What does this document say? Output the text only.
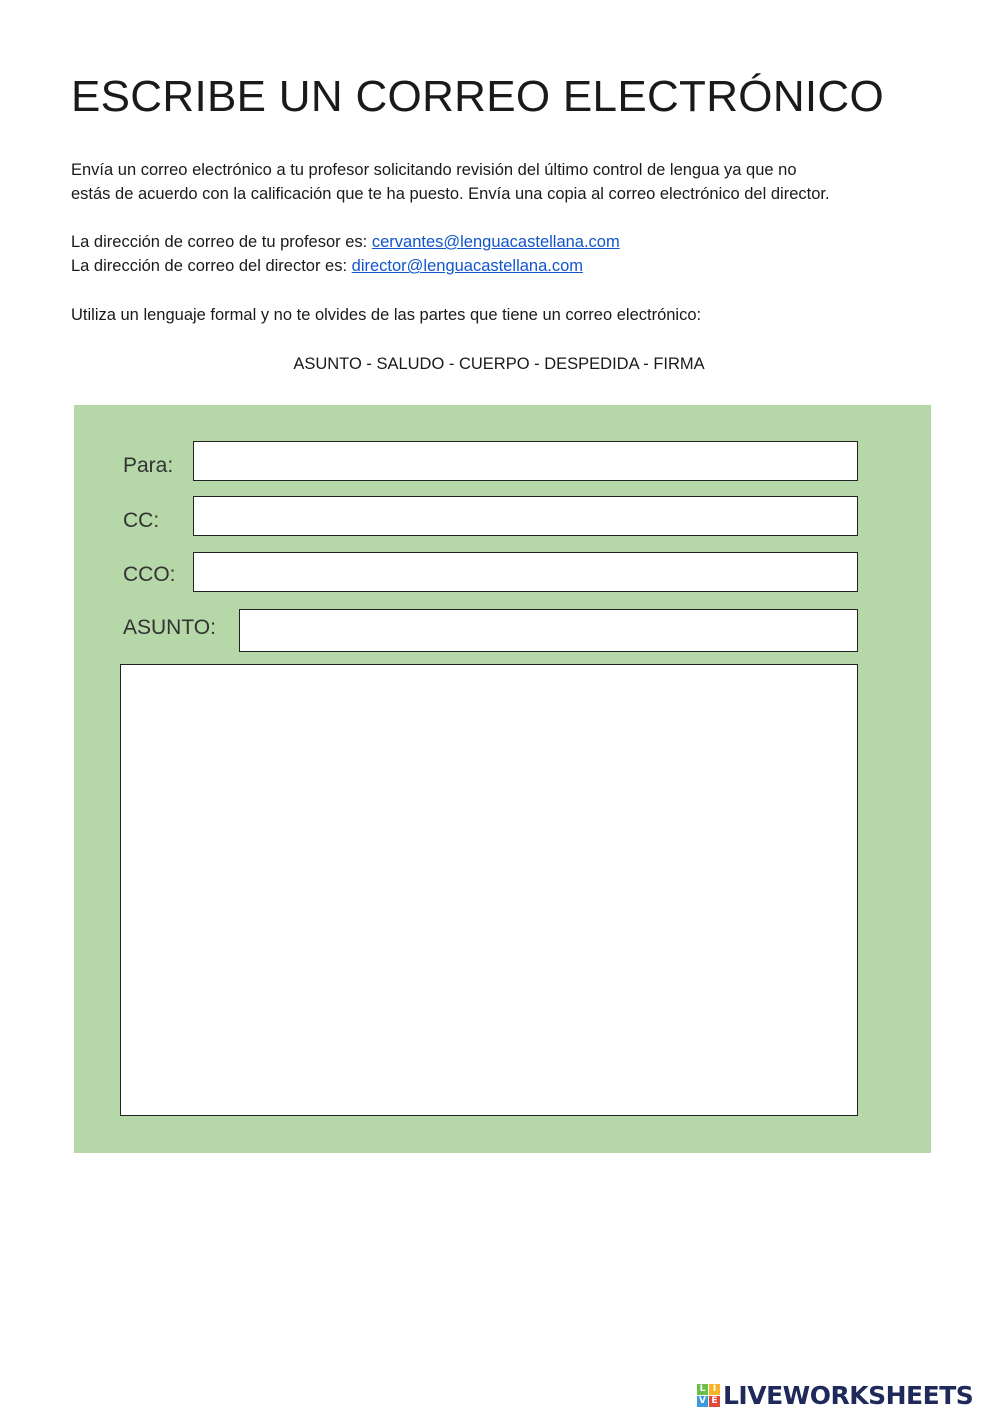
ESCRIBE UN CORREO ELECTRÓNICO

Envía un correo electrónico a tu profesor solicitando revisión del último control de lengua ya que no
estás de acuerdo con la calificación que te ha puesto. Envía una copia al correo electrónico del director.

La dirección de correo de tu profesor es: cervantes@lenguacastellana.com
La dirección de correo del director es: director@lenguacastellana.com

Utiliza un lenguaje formal y no te olvides de las partes que tiene un correo electrónico:

ASUNTO - SALUDO - CUERPO - DESPEDIDA - FIRMA

Para:
CC:
CCO:
ASUNTO:
L I
V E LIVEWORKSHEETS
